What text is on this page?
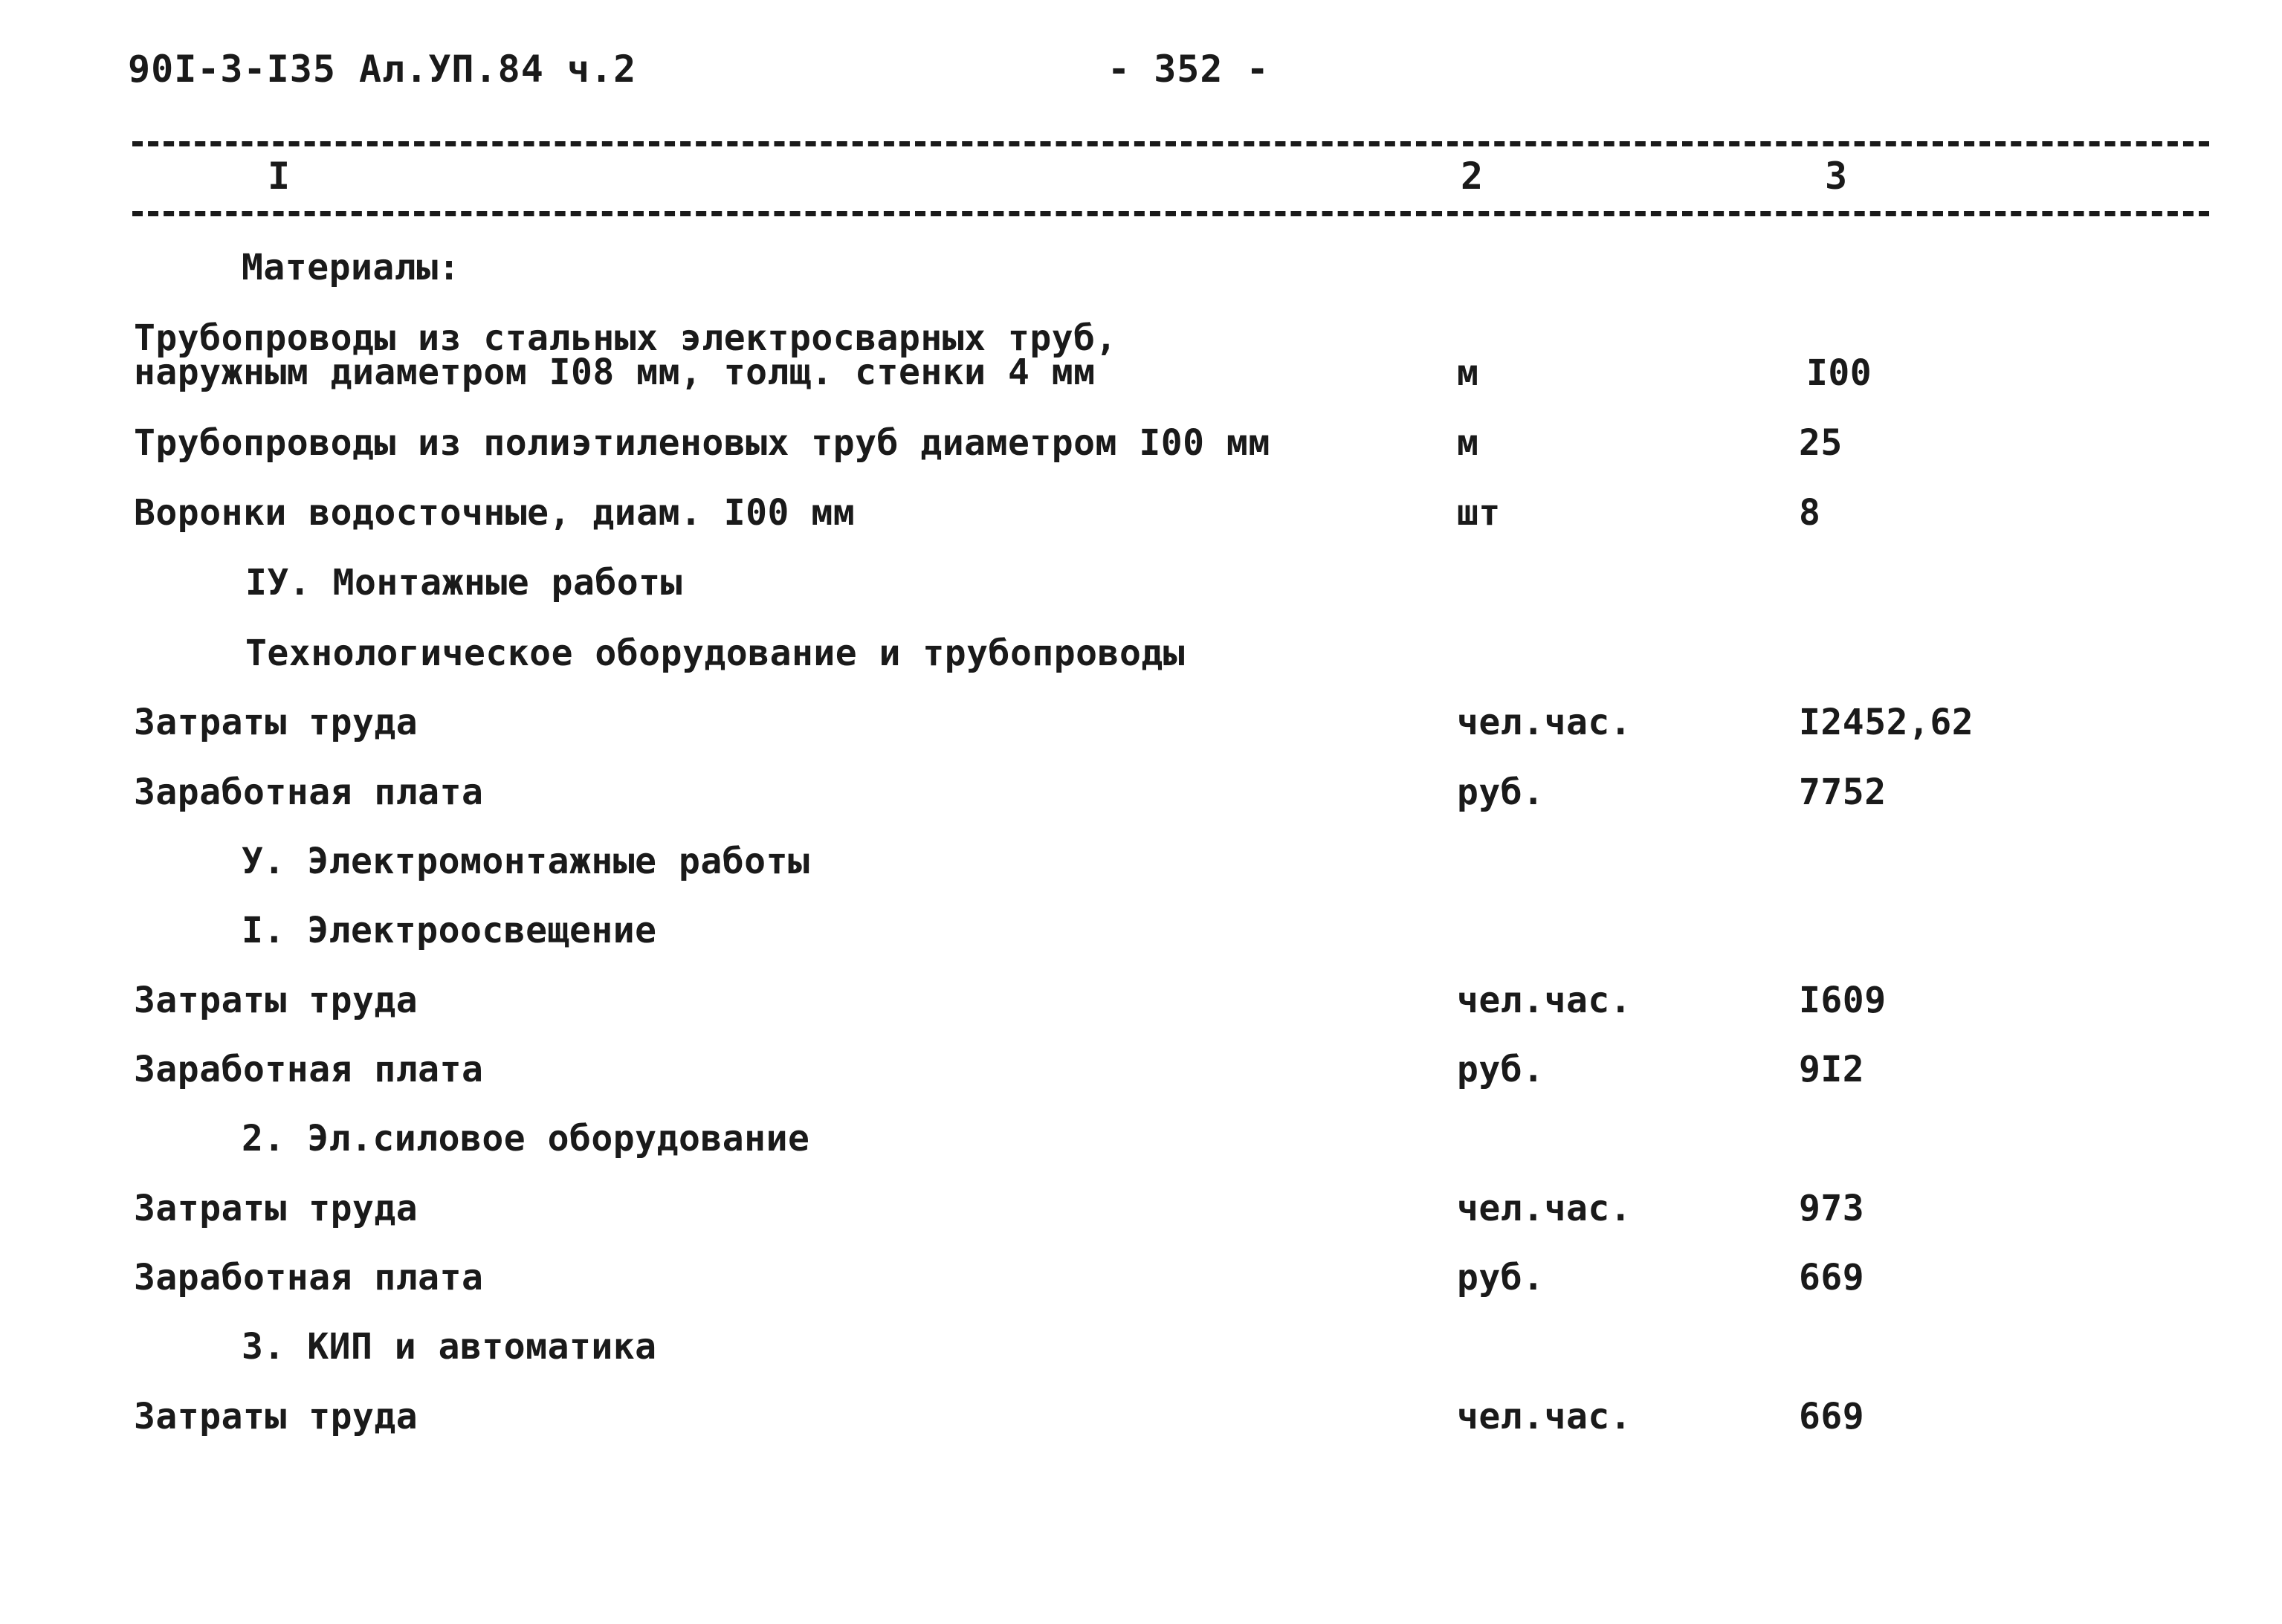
90I-3-I35 Ал.УП.84 ч.2	- 352 -
I	2	3
Материалы:
Трубопроводы из стальных электросварных труб,
наружным диаметром I08 мм, толщ. стенки 4 мм	м	I00
Трубопроводы из полиэтиленовых труб диаметром I00 мм	м	25
Воронки водосточные, диам. I00 мм	шт	8
IУ. Монтажные работы
Технологическое оборудование и трубопроводы
Затраты труда	чел.час.	I2452,62
Заработная плата	руб.	7752
У. Электромонтажные работы
I. Электроосвещение
Затраты труда	чел.час.	I609
Заработная плата	руб.	9I2
2. Эл.силовое оборудование
Затраты труда	чел.час.	973
Заработная плата	руб.	669
3. КИП и автоматика
Затраты труда	чел.час.	669
